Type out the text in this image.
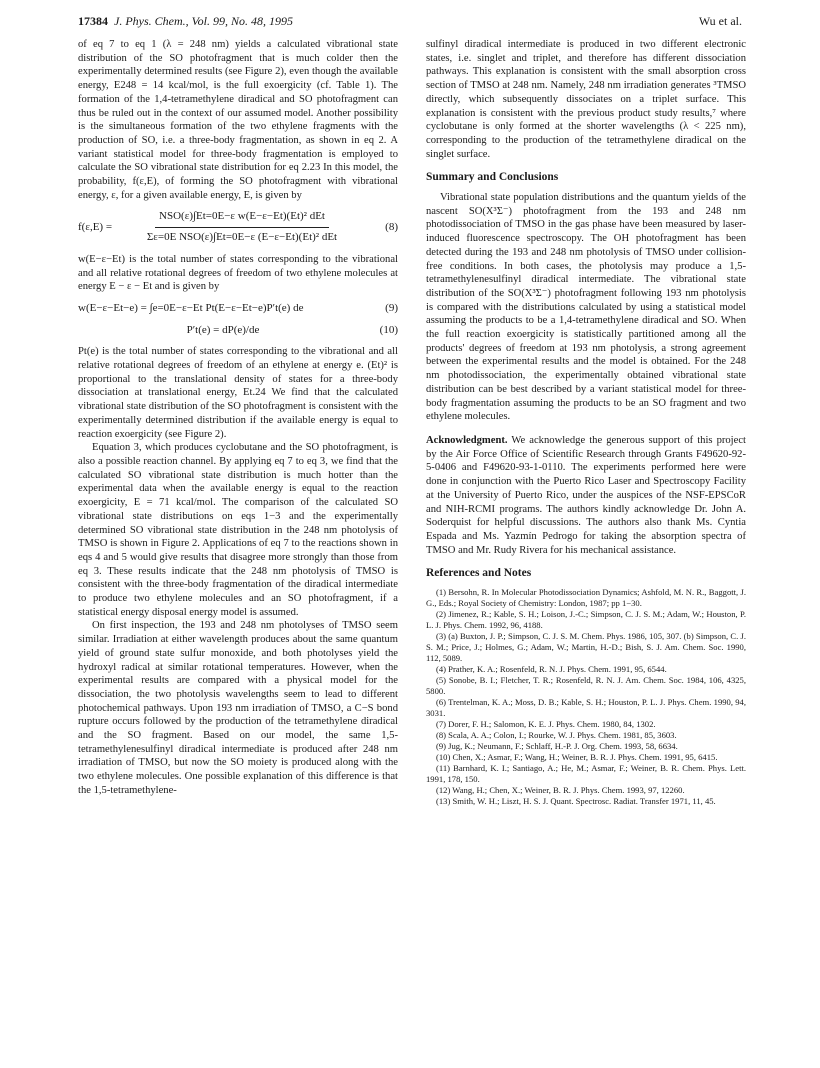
17384 J. Phys. Chem., Vol. 99, No. 48, 1995	Wu et al.

of eq 7 to eq 1 (λ = 248 nm) yields a calculated vibrational state distribution of the SO photofragment that is much colder then the experimentally determined results (see Figure 2), even though the available energy, E248 = 14 kcal/mol, is the full exoergicity (cf. Table 1). The formation of the 1,4-tetramethylene diradical and SO photofragment can thus be ruled out in the context of our assumed model. Another possibility is the simultaneous formation of the two ethylene fragments with the production of SO, i.e. a three-body fragmentation, as shown in eq 2. A variant statistical model for three-body fragmentation is employed to calculate the SO vibrational state distribution for eq 2.23 In this model, the probability, f(ε,E), of forming the SO photofragment with vibrational energy, ε, for a given available energy, E, is given by

f(ε,E) =	$\frac{\text{NSO(ε)∫Et=0E−ε w(E−ε−Et)(Et)² dEt}}{\text{Σε=0E NSO(ε)∫Et=0E−ε (E−ε−Et)(Et)² dEt}}$	(8)

w(E−ε−Et) is the total number of states corresponding to the vibrational and all relative rotational degrees of freedom of two ethylene molecules at energy E − ε − Et and is given by

w(E−ε−Et−e) = ∫e=0E−ε−Et Pt(E−ε−Et−e)P′t(e) de	(9)
P′t(e) = dP(e)/de	(10)

Pt(e) is the total number of states corresponding to the vibrational and all relative rotational degrees of freedom of an ethylene at energy e. (Et)² is proportional to the translational density of states for a three-body dissociation at translational energy, Et.24 We find that the calculated vibrational state distribution of the SO photofragment is consistent with the experimentally determined distribution if the available energy is equal to reaction exoergicity (see Figure 2).

Equation 3, which produces cyclobutane and the SO photofragment, is also a possible reaction channel. By applying eq 7 to eq 3, we find that the calculated SO vibrational state distribution is much hotter than the experimental data when the available energy is equal to the reaction exoergicity, E = 71 kcal/mol. The comparison of the calculated SO vibrational state distributions on eqs 1−3 and the experimentally determined SO vibrational state distribution in the 248 nm photolysis of TMSO is shown in Figure 2. Applications of eq 7 to the reactions shown in eqs 4 and 5 would give results that disagree more strongly than those from eq 3. These results indicate that the 248 nm photolysis of TMSO is consistent with the three-body fragmentation of the diradical intermediate to produce two ethylene molecules and an SO photofragment, if a statistical energy disposal energy model is assumed.

On first inspection, the 193 and 248 nm photolyses of TMSO seem similar. Irradiation at either wavelength produces about the same quantum yield of ground state sulfur monoxide, and both photolyses yield the hydroxyl radical at similar rotational temperatures. However, when the experimental results are compared with a physical model for the dissociation, the two photolysis wavelengths seem to lead to different photochemical pathways. Upon 193 nm irradiation of TMSO, a C−S bond rupture occurs followed by the production of the tetramethylene diradical and the SO fragment. Based on our model, the same 1,5-tetramethylenesulfinyl diradical intermediate is produced after 248 nm irradiation of TMSO, but now the SO moiety is produced along with the two ethylene molecules. One possible explanation of this difference is that the 1,5-tetramethylene-

sulfinyl diradical intermediate is produced in two different electronic states, i.e. singlet and triplet, and therefore has different dissociation pathways. This explanation is consistent with the small absorption cross section of TMSO at 248 nm. Namely, 248 nm irradiation generates ³TMSO directly, which subsequently dissociates on a triplet surface. This explanation is consistent with the previous product study results,⁷ where cyclobutane is only formed at the shorter wavelengths (λ < 225 nm), corresponding to the production of the tetramethylene diradical on the singlet surface.

Summary and Conclusions

Vibrational state population distributions and the quantum yields of the nascent SO(X³Σ⁻) photofragment from the 193 and 248 nm photodissociation of TMSO in the gas phase have been measured by laser-induced fluorescence spectroscopy. The OH photofragment has been detected during the 193 and 248 nm photolysis of TMSO under collision-free conditions. In both cases, the photolysis may produce a 1,5-tetramethylenesulfinyl diradical intermediate. The vibrational state distribution of the SO(X³Σ⁻) photofragment following 193 nm photolysis is compared with the distributions calculated by using a statistical model assuming the products to be a 1,4-tetramethylene diradical and SO. When the full reaction exoergicity is statistically partitioned among all the products' degrees of freedom at 193 nm photolysis, a strong agreement between the experimental results and the model is obtained. For the 248 nm photodissociation, the experimentally obtained vibrational state distribution can be best described by a variant statistical model for three-body fragmentation assuming the products to be an SO fragment and two ethylene molecules.

Acknowledgment. We acknowledge the generous support of this project by the Air Force Office of Scientific Research through Grants F49620-92-5-0406 and F49620-93-1-0110. The experiments performed here were done in conjunction with the Puerto Rico Laser and Spectroscopy Facility at the University of Puerto Rico, under the auspices of the NSF-EPSCoR and NIH-RCMI programs. The authors kindly acknowledge Dr. John A. Soderquist for helpful discussions. The authors also thank Ms. Cyntia Espada and Ms. Yazmín Pedrogo for taking the absorption spectra of TMSO and Mr. Rudy Rivera for his mechanical assistance.

References and Notes

(1) Bersohn, R. In Molecular Photodissociation Dynamics; Ashfold, M. N. R., Baggott, J. G., Eds.; Royal Society of Chemistry: London, 1987; pp 1−30.

(2) Jimenez, R.; Kable, S. H.; Loison, J.-C.; Simpson, C. J. S. M.; Adam, W.; Houston, P. L. J. Phys. Chem. 1992, 96, 4188.

(3) (a) Buxton, J. P.; Simpson, C. J. S. M. Chem. Phys. 1986, 105, 307. (b) Simpson, C. J. S. M.; Price, J.; Holmes, G.; Adam, W.; Martin, H.-D.; Bish, S. J. Am. Chem. Soc. 1990, 112, 5089.

(4) Prather, K. A.; Rosenfeld, R. N. J. Phys. Chem. 1991, 95, 6544.

(5) Sonobe, B. I.; Fletcher, T. R.; Rosenfeld, R. N. J. Am. Chem. Soc. 1984, 106, 4325, 5800.

(6) Trentelman, K. A.; Moss, D. B.; Kable, S. H.; Houston, P. L. J. Phys. Chem. 1990, 94, 3031.

(7) Dorer, F. H.; Salomon, K. E. J. Phys. Chem. 1980, 84, 1302.

(8) Scala, A. A.; Colon, I.; Rourke, W. J. Phys. Chem. 1981, 85, 3603.

(9) Jug, K.; Neumann, F.; Schlaff, H.-P. J. Org. Chem. 1993, 58, 6634.

(10) Chen, X.; Asmar, F.; Wang, H.; Weiner, B. R. J. Phys. Chem. 1991, 95, 6415.

(11) Barnhard, K. I.; Santiago, A.; He, M.; Asmar, F.; Weiner, B. R. Chem. Phys. Lett. 1991, 178, 150.

(12) Wang, H.; Chen, X.; Weiner, B. R. J. Phys. Chem. 1993, 97, 12260.

(13) Smith, W. H.; Liszt, H. S. J. Quant. Spectrosc. Radiat. Transfer 1971, 11, 45.
